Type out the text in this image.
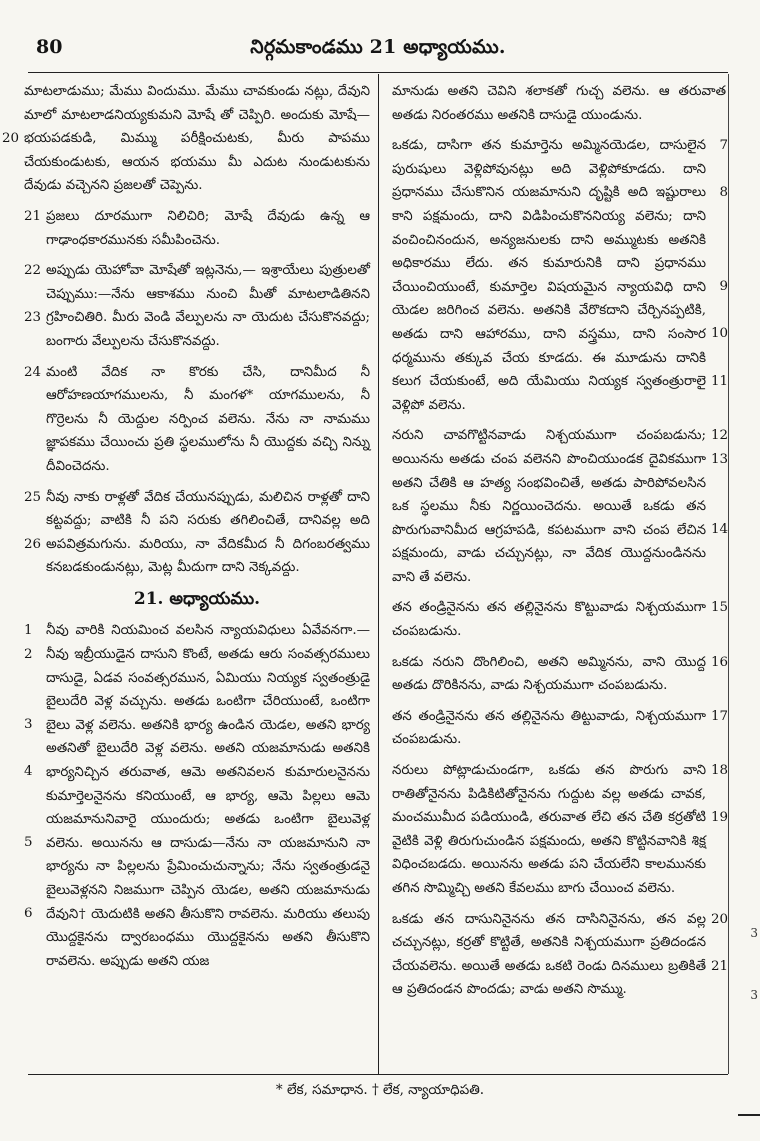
80	నిర్గమకాండము 21 అధ్యాయము.
మాటలాడుము; మేము విందుము. మేము చావకుండు నట్లు, దేవుని మాలో మాటలాడనియ్యకుమని మోషే తో చెప్పిరి. అందుకు మోషే—భయపడకుడి, మిమ్ము పరీక్షించుటకు, మీరు పాపము చేయకుండుటకు, ఆయన భయము మీ ఎదుట నుండుటకును దేవుడు వచ్చెనని ప్రజలతో చెప్పెను.
20
21 ప్రజలు దూరముగా నిలిచిరి; మోషే దేవుడు ఉన్న ఆ గాఢాంధకారమునకు సమీపించెను.
22
23
అప్పుడు యెహోవా మోషేతో ఇట్లనెను,— ఇశ్రాయేలు పుత్రులతో చెప్పుము:—నేను ఆకాశము నుంచి మీతో మాటలాడితినని గ్రహించితిరి. మీరు వెండి వేల్పులను నా యెదుట చేసుకొనవద్దు; బంగారు వేల్పులను చేసుకొనవద్దు.
24 మంటి వేదిక నా కొరకు చేసి, దానిమీద నీ ఆరోహణయాగములను, నీ మంగళ* యాగములను, నీ గొర్రెలను నీ యెద్దుల నర్పించ వలెను. నేను నా నామము జ్ఞాపకము చేయించు ప్రతి స్థలములోను నీ యొద్దకు వచ్చి నిన్ను దీవించెదను.
25
26
నీవు నాకు రాళ్లతో వేదిక చేయునప్పుడు, మలిచిన రాళ్లతో దాని కట్టవద్దు; వాటికి నీ పని సరుకు తగిలించితే, దానివల్ల అది అపవిత్రమగును. మరియు, నా వేదికమీద నీ దిగంబరత్వము కనబడకుండునట్లు, మెట్ల మీదుగా దాని నెక్కవద్దు.
21. అధ్యాయము.
1
2
3
4
5
6
నీవు వారికి నియమించ వలసిన న్యాయవిధులు ఏవేవనగా.—నీవు ఇబ్రీయుడైన దాసుని కొంటే, అతడు ఆరు సంవత్సరములు దాసుడై, ఏడవ సంవత్సరమున, ఏమియు నియ్యక స్వతంత్రుడై బైలుదేరి వెళ్ల వచ్చును. అతడు ఒంటిగా చేరియుంటే, ఒంటిగా బైలు వెళ్ల వలెను. అతనికి భార్య ఉండిన యెడల, అతని భార్య అతనితో బైలుదేరి వెళ్ల వలెను. అతని యజమానుడు అతనికి భార్యనిచ్చిన తరువాత, ఆమె అతనివలన కుమారులనైనను కుమార్తెలనైనను కనియుంటే, ఆ భార్య, ఆమె పిల్లలు ఆమె యజమానునివారై యుందురు; అతడు ఒంటిగా బైలువెళ్ల వలెను. అయినను ఆ దాసుడు—నేను నా యజమానుని నా భార్యను నా పిల్లలను ప్రేమించుచున్నాను; నేను స్వతంత్రుడనై బైలువెళ్లనని నిజముగా చెప్పిన యెడల, అతని యజమానుడు దేవుని† యెదుటికి అతని తీసుకొని రావలెను. మరియు తలుపు యొద్దకైనను ద్వారబంధము యొద్దకైనను అతని తీసుకొని రావలెను. అప్పుడు అతని యజ
మానుడు అతని చెవిని శలాకతో గుచ్చ వలెను. ఆ తరువాత అతడు నిరంతరము అతనికి దాసుడై యుండును.
ఒకడు, దాసిగా తన కుమార్తెను అమ్మినయెడల, దాసులైన పురుషులు వెళ్లిపోవునట్లు అది వెళ్లిపోకూడదు. దాని ప్రధానము చేసుకొనిన యజమానుని దృష్టికి అది ఇష్టురాలు కాని పక్షమందు, దాని విడిపించుకొననియ్య వలెను; దాని వంచించినందున, అన్యజనులకు దాని అమ్ముటకు అతనికి అధికారము లేదు. తన కుమారునికి దాని ప్రధానము చేయించియుంటే, కుమార్తెల విషయమైన న్యాయవిధి దాని యెడల జరిగించ వలెను. అతనికి వేరొకదాని చేర్చినప్పటికి, అతడు దాని ఆహారము, దాని వస్త్రము, దాని సంసార ధర్మమును తక్కువ చేయ కూడదు. ఈ మూడును దానికి కలుగ చేయకుంటే, అది యేమియు నియ్యక స్వతంత్రురాలై వెళ్లిపో వలెను.
7
8
9
10
11
నరుని చావగొట్టినవాడు నిశ్చయముగా చంపబడును; అయినను అతడు చంప వలెనని పొంచియుండక దైవికముగా అతని చేతికి ఆ హత్య సంభవించితే, అతడు పారిపోవలసిన ఒక స్థలము నీకు నిర్ణయించెదను. అయితే ఒకడు తన పొరుగువానిమీద ఆగ్రహపడి, కపటముగా వాని చంప లేచిన పక్షమందు, వాడు చచ్చునట్లు, నా వేదిక యొద్దనుండినను వాని తే వలెను.
12
13
14
తన తండ్రినైనను తన తల్లినైనను కొట్టువాడు నిశ్చయముగా చంపబడును.
15
ఒకడు నరుని దొంగిలించి, అతని అమ్మినను, వాని యొద్ద అతడు దొరికినను, వాడు నిశ్చయముగా చంపబడును.
16
తన తండ్రినైనను తన తల్లినైనను తిట్టువాడు, నిశ్చయముగా చంపబడును.
17
నరులు పోట్లాడుచుండగా, ఒకడు తన పొరుగు వాని రాతితోనైనను పిడికిటితోనైనను గుద్దుట వల్ల అతడు చావక, మంచముమీద పడియుండి, తరువాత లేచి తన చేతి కర్రతోటి వైటికి వెళ్లి తిరుగుచుండిన పక్షమందు, అతని కొట్టినవానికి శిక్ష విధించబడదు. అయినను అతడు పని చేయలేని కాలమునకు తగిన సొమ్మిచ్చి అతని కేవలము బాగు చేయించ వలెను.
18
19
ఒకడు తన దాసునినైనను తన దాసినినైనను, తన వల్ల చచ్చునట్లు, కర్రతో కొట్టితే, అతనికి నిశ్చయముగా ప్రతిదండన చేయవలెను. అయితే అతడు ఒకటి రెండు దినములు బ్రతికితే ఆ ప్రతిదండన పొందడు; వాడు అతని సొమ్ము.
20
21
* లేక, సమాధాన. † లేక, న్యాయాధిపతి.
3
3
